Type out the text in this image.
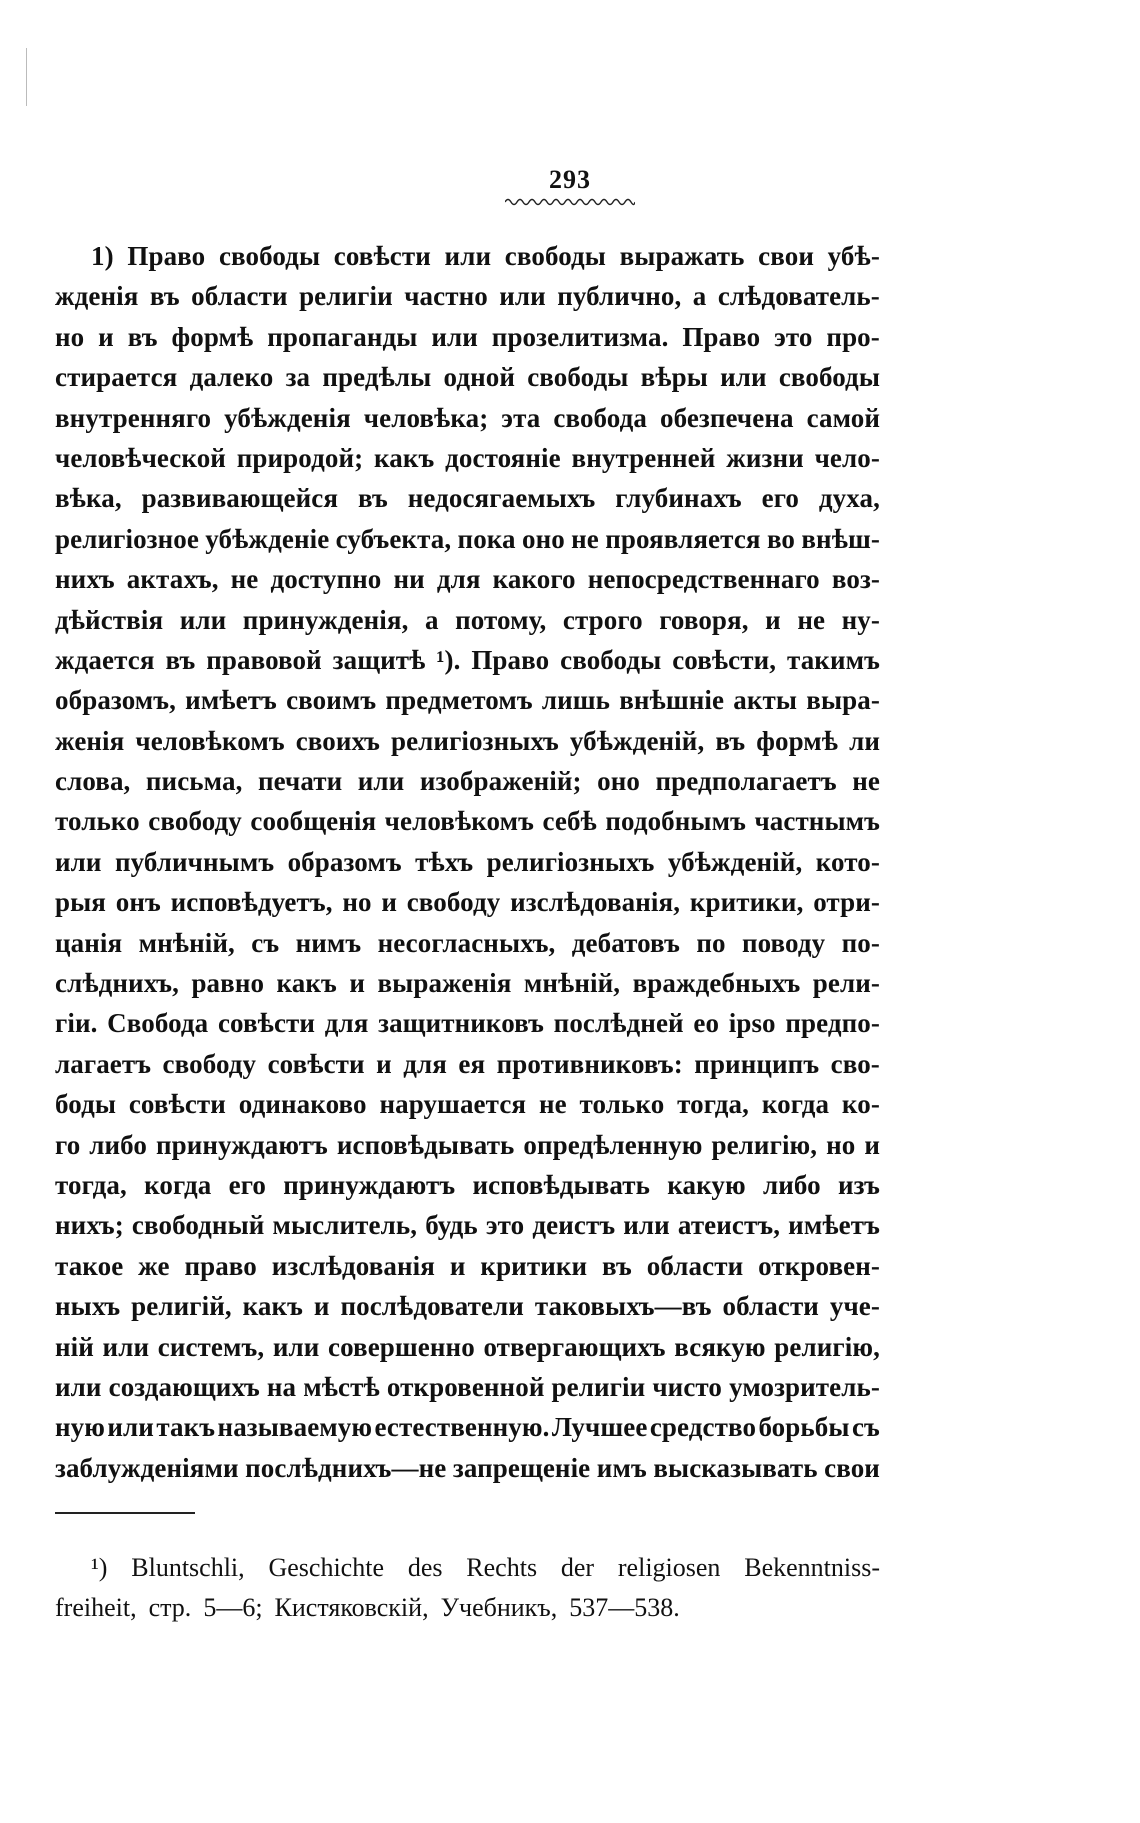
293
1) Право свободы совѣсти или свободы выражать свои убѣ-
жденія въ области религіи частно или публично, а слѣдователь-
но и въ формѣ пропаганды или прозелитизма. Право это про-
стирается далеко за предѣлы одной свободы вѣры или свободы
внутренняго убѣжденія человѣка; эта свобода обезпечена самой
человѣческой природой; какъ достояніе внутренней жизни чело-
вѣка, развивающейся въ недосягаемыхъ глубинахъ его духа,
религіозное убѣжденіе субъекта, пока оно не проявляется во внѣш-
нихъ актахъ, не доступно ни для какого непосредственнаго воз-
дѣйствія или принужденія, а потому, строго говоря, и не ну-
ждается въ правовой защитѣ ¹). Право свободы совѣсти, такимъ
образомъ, имѣетъ своимъ предметомъ лишь внѣшніе акты выра-
женія человѣкомъ своихъ религіозныхъ убѣжденій, въ формѣ ли
слова, письма, печати или изображеній; оно предполагаетъ не
только свободу сообщенія человѣкомъ себѣ подобнымъ частнымъ
или публичнымъ образомъ тѣхъ религіозныхъ убѣжденій, кото-
рыя онъ исповѣдуетъ, но и свободу изслѣдованія, критики, отри-
цанія мнѣній, съ нимъ несогласныхъ, дебатовъ по поводу по-
слѣднихъ, равно какъ и выраженія мнѣній, враждебныхъ рели-
гіи. Свобода совѣсти для защитниковъ послѣдней eo ipso предпо-
лагаетъ свободу совѣсти и для ея противниковъ: принципъ сво-
боды совѣсти одинаково нарушается не только тогда, когда ко-
го либо принуждаютъ исповѣдывать опредѣленную религію, но и
тогда, когда его принуждаютъ исповѣдывать какую либо изъ
нихъ; свободный мыслитель, будь это деистъ или атеистъ, имѣетъ
такое же право изслѣдованія и критики въ области откровен-
ныхъ религій, какъ и послѣдователи таковыхъ—въ области уче-
ній или системъ, или совершенно отвергающихъ всякую религію,
или создающихъ на мѣстѣ откровенной религіи чисто умозритель-
ную или такъ называемую естественную. Лучшее средство борьбы съ
заблужденіями послѣднихъ—не запрещеніе имъ высказывать свои
¹) Bluntschli, Geschichte des Rechts der religiosen Bekenntniss-
freiheit, стр. 5—6; Кистяковскій, Учебникъ, 537—538.
